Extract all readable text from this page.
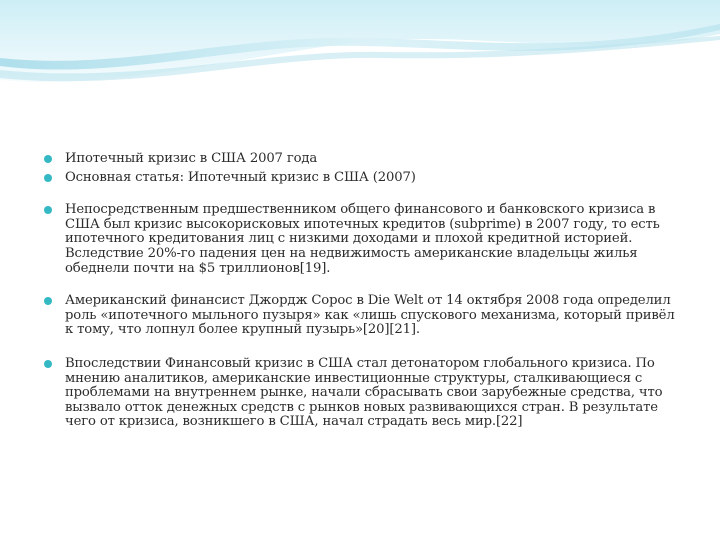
Ипотечный кризис в США 2007 года
Основная статья: Ипотечный кризис в США (2007)
Непосредственным предшественником общего финансового и банковского кризиса в США был кризис высокорисковых ипотечных кредитов (subprime) в 2007 году, то есть ипотечного кредитования лиц с низкими доходами и плохой кредитной историей. Вследствие 20%-го падения цен на недвижимость американские владельцы жилья обеднели почти на $5 триллионов[19].
Американский финансист Джордж Сорос в Die Welt от 14 октября 2008 года определил роль «ипотечного мыльного пузыря» как «лишь спускового механизма, который привёл к тому, что лопнул более крупный пузырь»[20][21].
Впоследствии Финансовый кризис в США стал детонатором глобального кризиса. По мнению аналитиков, американские инвестиционные структуры, сталкивающиеся с проблемами на внутреннем рынке, начали сбрасывать свои зарубежные средства, что вызвало отток денежных средств с рынков новых развивающихся стран. В результате чего от кризиса, возникшего в США, начал страдать весь мир.[22]
